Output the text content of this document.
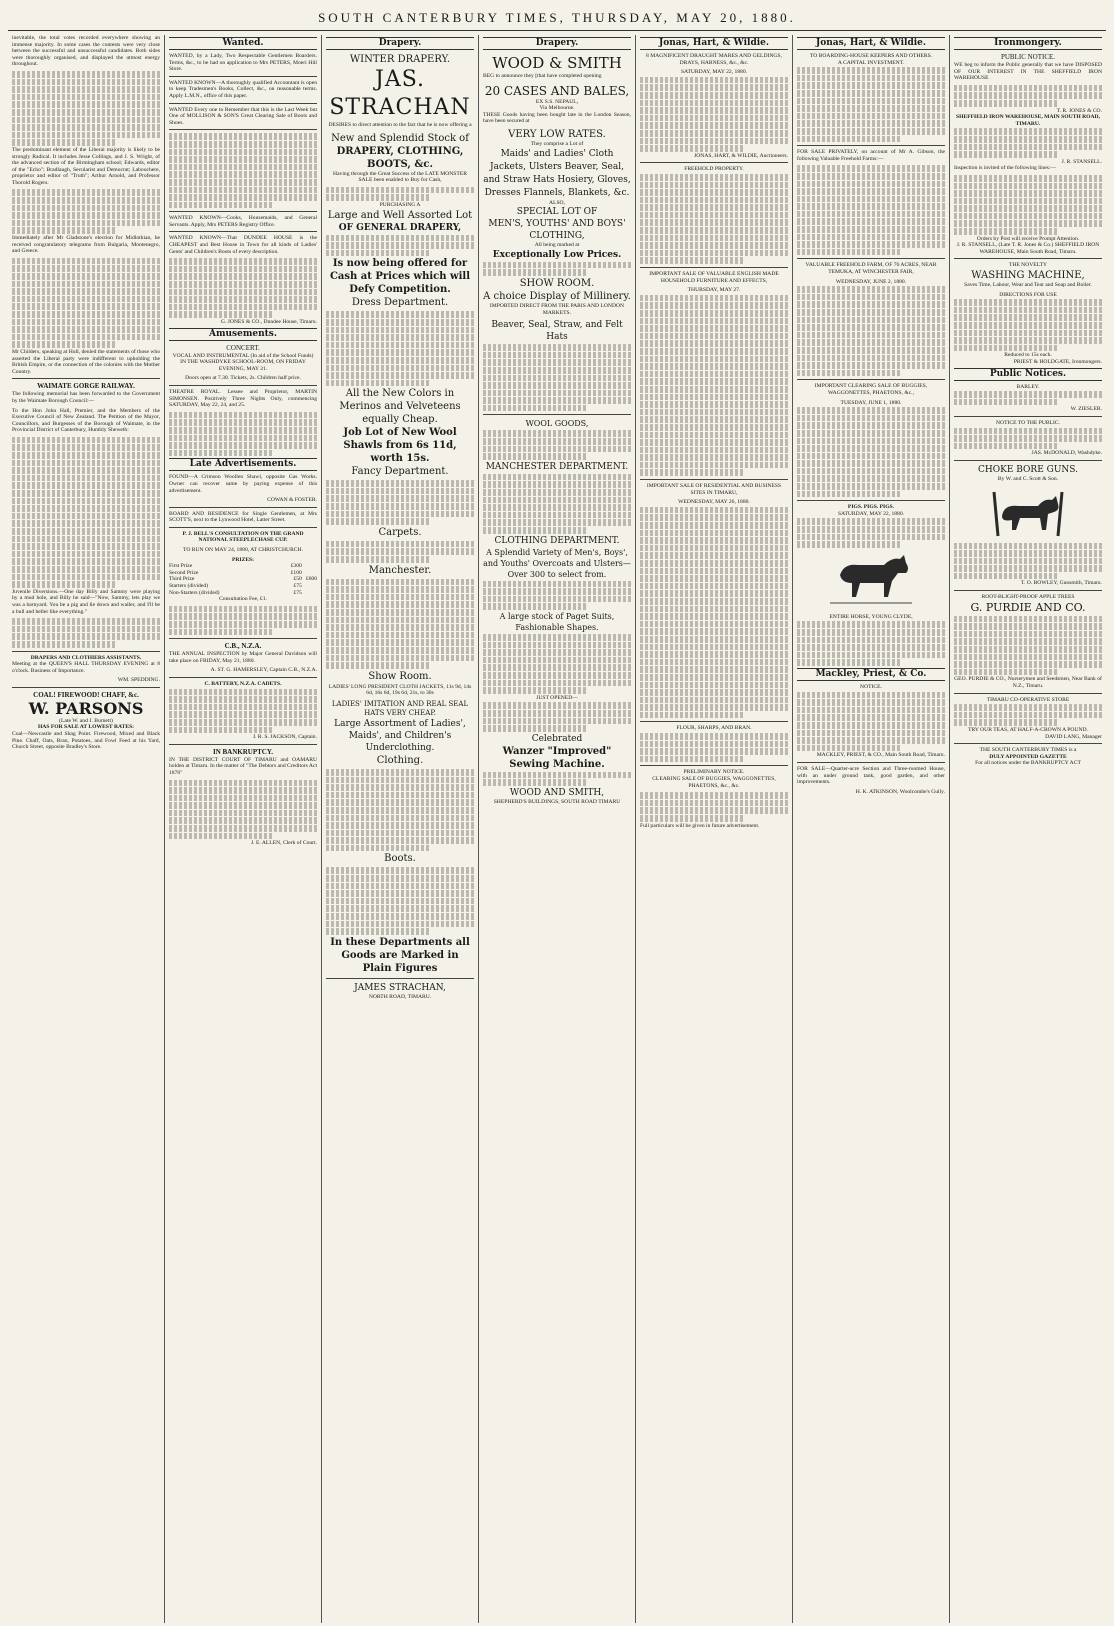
SOUTH CANTERBURY TIMES, THURSDAY, MAY 20, 1880.

inevitable, the total votes recorded everywhere showing an immense majority. In some cases the contests were very close between the successful and unsuccessful candidates. Both sides were thoroughly organised, and displayed the utmost energy throughout.

The predominant element of the Liberal majority is likely to be strongly Radical. It includes Jesse Collings, and J. S. Wright, of the advanced section of the Birmingham school; Edwards, editor of the "Echo"; Bradlaugh, Secularist and Democrat; Labouchere, proprietor and editor of "Truth"; Arthur Arnold, and Professor Thorold Rogers.

Immediately after Mr Gladstone's election for Midlothian, he received congratulatory telegrams from Bulgaria, Montenegro, and Greece.

Mr Childers, speaking at Hull, denied the statements of those who asserted the Liberal party were indifferent to upholding the British Empire, or the connection of the colonies with the Mother Country.

WAIMATE GORGE RAILWAY.

The following memorial has been forwarded to the Government by the Waimate Borough Council:—

To the Hon John Hall, Premier, and the Members of the Executive Council of New Zealand. The Petition of the Mayor, Councillors, and Burgesses of the Borough of Waimate, in the Provincial District of Canterbury, Humbly Sheweth:

Juvenile Diversions.—One day Billy and Sammy were playing by a mud hole, and Billy he said—"Now, Sammy, lets play we was a barnyard. You be a pig and lie down and waller, and I'll be a bull and beller like everything."

DRAPERS AND CLOTHIERS ASSISTANTS.

Meeting at the QUEEN'S HALL THURSDAY EVENING at 8 o'clock. Business of Importance.

WM. SPEDDING.
COAL! FIREWOOD! CHAFF, &c.
W. PARSONS
(Late W. and J. Burnett)
HAS FOR SALE AT LOWEST RATES:

Coal—Newcastle and Shag Point. Firewood, Mixed and Black Pine. Chaff, Oats, Bran, Potatoes, and Fowl Feed at his Yard, Church Street, opposite Bradley's Store.

Wanted.

WANTED, by a Lady, Two Respectable Gentlemen Boarders. Terms, &c., to be had on application to Mrs PETERS, Moeri Hill Store.

WANTED KNOWN—A thoroughly qualified Accountant is open to keep Tradesmen's Books, Collect, &c., on reasonable terms. Apply L.M.N., office of this paper.

WANTED Every one to Remember that this is the Last Week but One of MOLLISON & SON'S Great Clearing Sale of Boots and Shoes.

WANTED KNOWN—Cooks, Housemaids, and General Servants. Apply, Mrs PETERS Registry Office.

WANTED KNOWN—That DUNDEE HOUSE is the CHEAPEST and Best House in Town for all kinds of Ladies' Gents' and Children's Boots of every description.

G. JONES & CO., Dundee House, Timaru.
Amusements.
CONCERT.

VOCAL AND INSTRUMENTAL (In aid of the School Funds) IN THE WASHDYKE SCHOOL-ROOM, ON FRIDAY EVENING, MAY 21.

Doors open at 7.30. Tickets, 2s. Children half price.

THEATRE ROYAL. Lessee and Proprietor, MARTIN SIMONSEN. Positively Three Nights Only, commencing SATURDAY, May 22, 24, and 25.

Late Advertisements.

FOUND—A Crimson Woollen Shawl, opposite Gas Works. Owner can recover same by paying expense of this advertisement.

COWAN & FOSTER.

BOARD AND RESIDENCE for Single Gentlemen, at Mrs SCOTT'S, next to the Lynwood Hotel, Latter Street.

P. J. BELL'S CONSULTATION ON THE GRAND NATIONAL STEEPLECHASE CUP.

TO RUN ON MAY 24, 1880, AT CHRISTCHURCH.

PRIZES:
First Prize	£300
Second Prize	£100
Third Prize	£50
Starters (divided)	£75
Non-Starters (divided)	£75
£600

Consultation Fee, £1.

C.B., N.Z.A.

THE ANNUAL INSPECTION by Major General Davidson will take place on FRIDAY, May 21, 1880.

A. ST. G. HAMERSLEY, Captain C.B., N.Z.A.
C. BATTERY, N.Z.A. CADETS.
J. R. S. JACKSON, Captain.
IN BANKRUPTCY.

IN THE DISTRICT COURT OF TIMARU and OAMARU holden at Timaru. In the matter of "The Debtors and Creditors Act 1876"

J. E. ALLEN, Clerk of Court.
Drapery.
WINTER DRAPERY.
JAS. STRACHAN

DESIRES to direct attention to the fact that he is now offering a

New and Splendid Stock of
DRAPERY, CLOTHING, BOOTS, &c.

Having through the Great Success of the LATE MONSTER SALE been enabled to Buy for Cash,

PURCHASING A
Large and Well Assorted Lot
OF GENERAL DRAPERY,
Is now being offered for Cash at Prices which will Defy Competition.
Dress Department.
All the New Colors in Merinos and Velveteens equally Cheap.
Job Lot of New Wool Shawls from 6s 11d, worth 15s.
Fancy Department.
Carpets.
Manchester.
Show Room.

LADIES' LONG PRESIDENT CLOTH JACKETS, 11s 9d, 14s 6d, 16s 6d, 19s 6d, 21s, to 30s

LADIES' IMITATION AND REAL SEAL HATS VERY CHEAP.
Large Assortment of Ladies', Maids', and Children's Underclothing.
Clothing.
Boots.
In these Departments all Goods are Marked in Plain Figures
JAMES STRACHAN,
NORTH ROAD, TIMARU.
Drapery.
WOOD & SMITH

BEG to announce they [that have completed opening

20 CASES AND BALES,
EX S.S. NEPAUL,
Via Melbourne.

THESE Goods having been bought late in the London Season, have been secured at

VERY LOW RATES.
They comprise a Lot of
Maids' and Ladies' Cloth Jackets, Ulsters Beaver, Seal, and Straw Hats Hosiery, Gloves, Dresses Flannels, Blankets, &c.
ALSO,
SPECIAL LOT OF
MEN'S, YOUTHS' AND BOYS' CLOTHING,
All being marked at
Exceptionally Low Prices.
SHOW ROOM.
A choice Display of Millinery.

IMPORTED DIRECT FROM THE PARIS AND LONDON MARKETS.

Beaver, Seal, Straw, and Felt Hats
WOOL GOODS,
MANCHESTER DEPARTMENT.
CLOTHING DEPARTMENT.
A Splendid Variety of Men's, Boys', and Youths' Overcoats and Ulsters—Over 300 to select from.
A large stock of Paget Suits, Fashionable Shapes.
JUST OPENED—
Celebrated
Wanzer "Improved" Sewing Machine.
WOOD AND SMITH,
SHEPHERD'S BUILDINGS, SOUTH ROAD TIMARU
Jonas, Hart, & Wildie.

8 MAGNIFICENT DRAUGHT MARES AND GELDINGS, DRAYS, HARNESS, &c., &c.

SATURDAY, MAY 22, 1880.
JONAS, HART, & WILDIE, Auctioneers.
FREEHOLD PROPERTY.

IMPORTANT SALE OF VALUABLE ENGLISH MADE HOUSEHOLD FURNITURE AND EFFECTS,

THURSDAY, MAY 27.

IMPORTANT SALE OF RESIDENTIAL AND BUSINESS SITES IN TIMARU,

WEDNESDAY, MAY 26, 1880.
FLOUR, SHARPS, AND BRAN.
PRELIMINARY NOTICE.

CLEARING SALE OF BUGGIES, WAGGONETTES, PHAETONS, &c., &c.

Full particulars will be given in future advertisement.

Jonas, Hart, & Wildie.
TO BOARDING-HOUSE KEEPERS AND OTHERS.
A CAPITAL INVESTMENT.

FOR SALE PRIVATELY, on account of Mr A. Gibson, the following Valuable Freehold Farms:—

VALUABLE FREEHOLD FARM, OF 76 ACRES, NEAR TEMUKA, AT WINCHESTER FAIR,

WEDNESDAY, JUNE 2, 1880.

IMPORTANT CLEARING SALE OF BUGGIES, WAGGONETTES, PHAETONS, &c.,

TUESDAY, JUNE 1, 1880.
PIGS. PIGS. PIGS.
SATURDAY, MAY 22, 1880.
ENTIRE HORSE, YOUNG CLYDE,
Mackley, Priest, & Co.
NOTICE.
MACKLEY, PRIEST, & CO., Main South Road, Timaru.

FOR SALE—Quarter-acre Section and Three-roomed House, with an under ground tank, good garden, and other improvements.

H. K. ATKINSON, Woolcombe's Gully.
Ironmongery.
PUBLIC NOTICE.

WE beg to inform the Public generally that we have DISPOSED OF OUR INTEREST IN THE SHEFFIELD IRON WAREHOUSE

T. R. JONES & CO.
SHEFFIELD IRON WAREHOUSE, MAIN SOUTH ROAD, TIMARU.
J. R. STANSELL.

Inspection is invited of the following lines:—

Orders by Post will receive Prompt Attention.

J. R. STANSELL, (Late T. R. Jones & Co.) SHEFFIELD IRON WAREHOUSE, Main South Road, Timaru.

THE NOVELTY
WASHING MACHINE,

Saves Time, Labour, Wear and Tear and Soap and Boiler.

DIRECTIONS FOR USE
Reduced to 15s each.
PRIEST & HOLDGATE, Ironmongers.
Public Notices.
BARLEY.
W. ZIESLER.
NOTICE TO THE PUBLIC.
JAS. McDONALD, Washdyke.
CHOKE BORE GUNS.
By W. and C. Scott & Son.
T. O. BOWLEY, Gunsmith, Timaru.
ROOT-BLIGHT-PROOF APPLE TREES
G. PURDIE AND CO.

GEO. PURDIE & CO., Nurserymen and Seedsmen, Near Bank of N.Z., Timaru.

TIMARU CO-OPERATIVE STORE
TRY OUR TEAS, AT HALF-A-CROWN A POUND.
DAVID LANG, Manager
THE SOUTH CANTERBURY TIMES is a
DULY APPOINTED GAZETTE
For all notices under the BANKRUPTCY ACT
